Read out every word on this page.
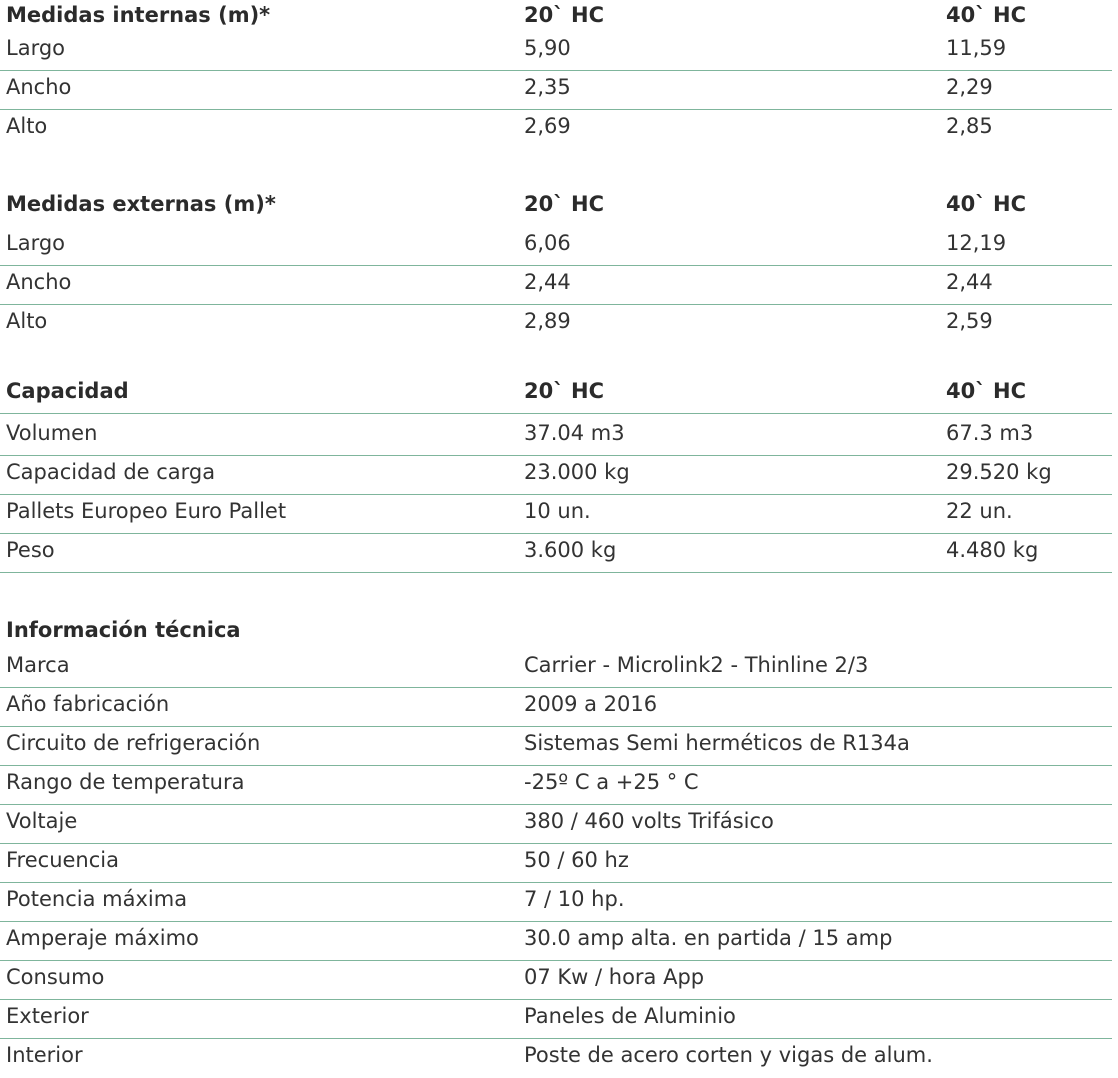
Medidas internas (m)*	20` HC	40` HC
Largo	5,90	11,59
Ancho	2,35	2,29
Alto	2,69	2,85
Medidas externas (m)*	20` HC	40` HC
Largo	6,06	12,19
Ancho	2,44	2,44
Alto	2,89	2,59
Capacidad	20` HC	40` HC
Volumen	37.04 m3	67.3 m3
Capacidad de carga	23.000 kg	29.520 kg
Pallets Europeo Euro Pallet	10 un.	22 un.
Peso	3.600 kg	4.480 kg
Información técnica
Marca	Carrier - Microlink2 - Thinline 2/3
Año fabricación	2009 a 2016
Circuito de refrigeración	Sistemas Semi herméticos de R134a
Rango de temperatura	-25º C a +25 ° C
Voltaje	380 / 460 volts Trifásico
Frecuencia	50 / 60 hz
Potencia máxima	7 / 10 hp.
Amperaje máximo	30.0 amp alta. en partida / 15 amp
Consumo	07 Kw / hora App
Exterior	Paneles de Aluminio
Interior	Poste de acero corten y vigas de alum.
